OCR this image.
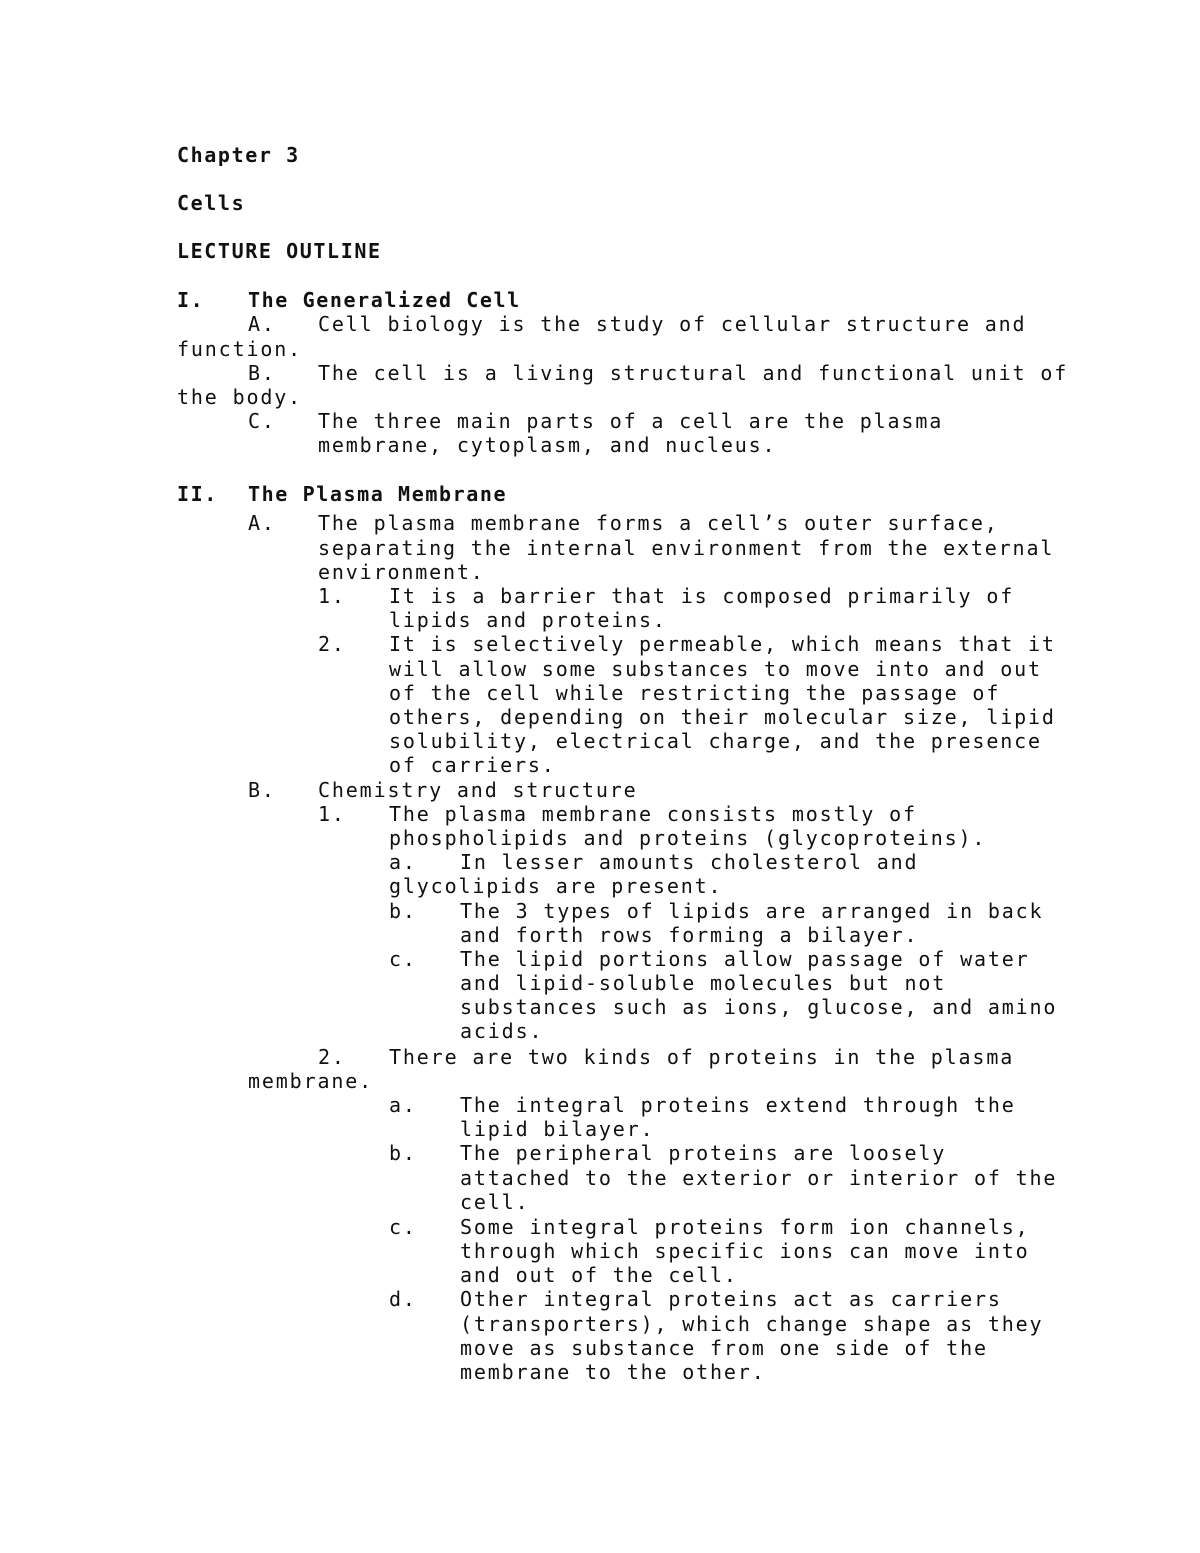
Chapter 3
Cells
LECTURE OUTLINE
I. The Generalized Cell
A. Cell biology is the study of cellular structure and
function.
B. The cell is a living structural and functional unit of
the body.
C. The three main parts of a cell are the plasma
membrane, cytoplasm, and nucleus.
II. The Plasma Membrane
A. The plasma membrane forms a cell’s outer surface,
separating the internal environment from the external
environment.
1. It is a barrier that is composed primarily of
lipids and proteins.
2. It is selectively permeable, which means that it
will allow some substances to move into and out
of the cell while restricting the passage of
others, depending on their molecular size, lipid
solubility, electrical charge, and the presence
of carriers.
B. Chemistry and structure
1. The plasma membrane consists mostly of
phospholipids and proteins (glycoproteins).
a. In lesser amounts cholesterol and
glycolipids are present.
b. The 3 types of lipids are arranged in back
and forth rows forming a bilayer.
c. The lipid portions allow passage of water
and lipid-soluble molecules but not
substances such as ions, glucose, and amino
acids.
2. There are two kinds of proteins in the plasma
membrane.
a. The integral proteins extend through the
lipid bilayer.
b. The peripheral proteins are loosely
attached to the exterior or interior of the
cell.
c. Some integral proteins form ion channels,
through which specific ions can move into
and out of the cell.
d. Other integral proteins act as carriers
(transporters), which change shape as they
move as substance from one side of the
membrane to the other.
